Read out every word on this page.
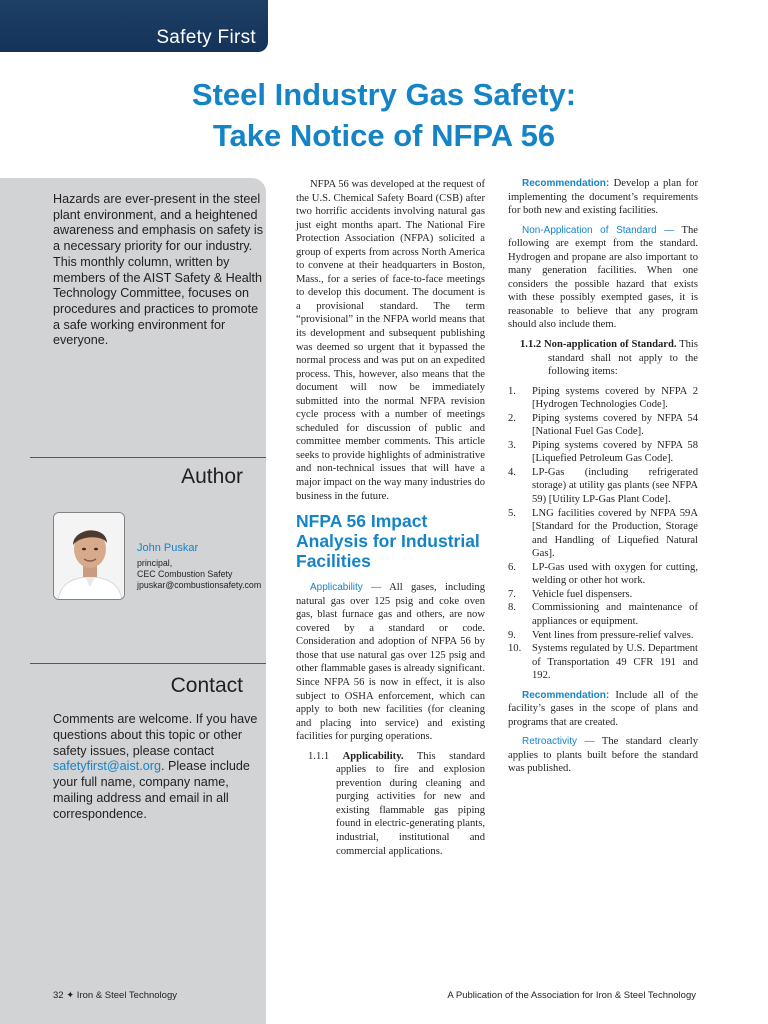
Safety First
Steel Industry Gas Safety:
Take Notice of NFPA 56

Hazards are ever-present in the steel plant environment, and a heightened awareness and emphasis on safety is a necessary priority for our industry. This monthly column, written by members of the AIST Safety & Health Technology Committee, focuses on procedures and practices to promote a safe working environment for everyone.

Author
John Puskar
principal,
CEC Combustion Safety
jpuskar@combustionsafety.com
Contact

Comments are welcome. If you have questions about this topic or other safety issues, please contact safetyfirst@aist.org. Please include your full name, company name, mailing address and email in all correspondence.

NFPA 56 was developed at the request of the U.S. Chemical Safety Board (CSB) after two horrific accidents involving natural gas just eight months apart. The National Fire Protection Association (NFPA) solicited a group of experts from across North America to convene at their headquarters in Boston, Mass., for a series of face-to-face meetings to develop this document. The document is a provisional standard. The term “provisional” in the NFPA world means that its development and subsequent publishing was deemed so urgent that it bypassed the normal process and was put on an expedited process. This, however, also means that the document will now be immediately submitted into the normal NFPA revision cycle process with a number of meetings scheduled for discussion of public and committee member comments. This article seeks to provide highlights of administrative and non-technical issues that will have a major impact on the way many industries do business in the future.

NFPA 56 Impact Analysis for Industrial Facilities

Applicability — All gases, including natural gas over 125 psig and coke oven gas, blast furnace gas and others, are now covered by a standard or code. Consideration and adoption of NFPA 56 by those that use natural gas over 125 psig and other flammable gases is already significant. Since NFPA 56 is now in effect, it is also subject to OSHA enforcement, which can apply to both new facilities (for cleaning and placing into service) and existing facilities for purging operations.

1.1.1 Applicability. This standard applies to fire and explosion prevention during cleaning and purging activities for new and existing flammable gas piping found in electric-generating plants, industrial, institutional and commercial applications.

Recommendation: Develop a plan for implementing the document’s requirements for both new and existing facilities.

Non-Application of Standard — The following are exempt from the standard. Hydrogen and propane are also important to many generation facilities. When one considers the possible hazard that exists with these possibly exempted gases, it is reasonable to believe that any program should also include them.

1.1.2 Non-application of Standard. This standard shall not apply to the following items:

1.	Piping systems covered by NFPA 2 [Hydrogen Technologies Code].
2.	Piping systems covered by NFPA 54 [National Fuel Gas Code].
3.	Piping systems covered by NFPA 58 [Liquefied Petroleum Gas Code].
4.	LP-Gas (including refrigerated storage) at utility gas plants (see NFPA 59) [Utility LP-Gas Plant Code].
5.	LNG facilities covered by NFPA 59A [Standard for the Production, Storage and Handling of Liquefied Natural Gas].
6.	LP-Gas used with oxygen for cutting, welding or other hot work.
7.	Vehicle fuel dispensers.
8.	Commissioning and maintenance of appliances or equipment.
9.	Vent lines from pressure-relief valves.
10.	Systems regulated by U.S. Department of Transportation 49 CFR 191 and 192.

Recommendation: Include all of the facility’s gases in the scope of plans and programs that are created.

Retroactivity — The standard clearly applies to plants built before the standard was published.

32 ✦ Iron & Steel Technology	A Publication of the Association for Iron & Steel Technology
